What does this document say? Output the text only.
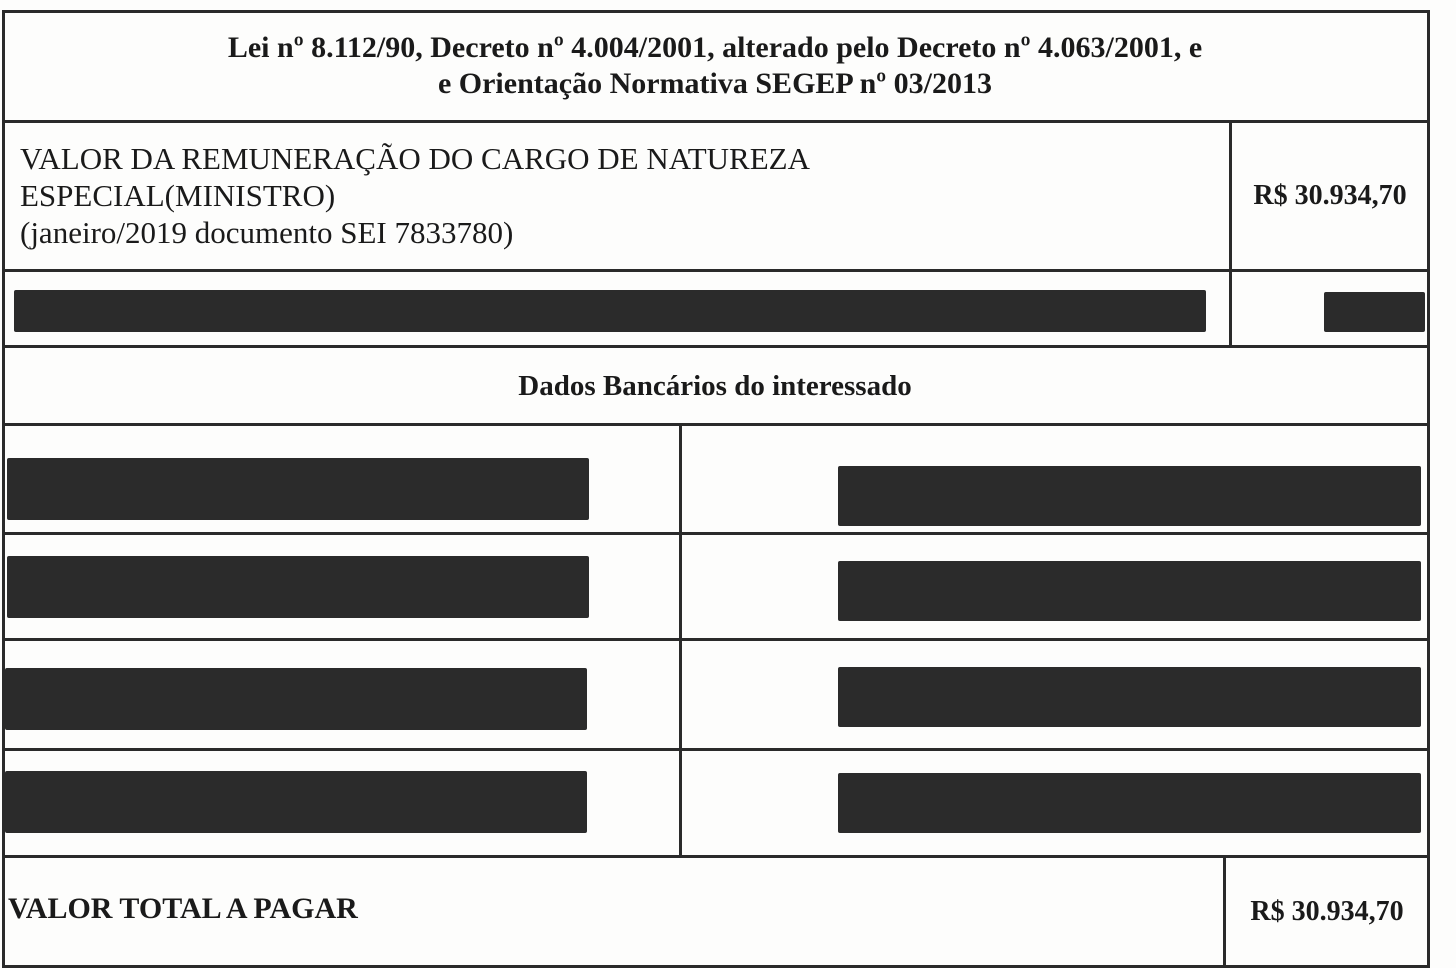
Lei nº 8.112/90, Decreto nº 4.004/2001, alterado pelo Decreto nº 4.063/2001, e
e Orientação Normativa SEGEP nº 03/2013
VALOR DA REMUNERAÇÃO DO CARGO DE NATUREZA
ESPECIAL(MINISTRO)
(janeiro/2019 documento SEI 7833780)
R$ 30.934,70
Dados Bancários do interessado
VALOR TOTAL A PAGAR	R$ 30.934,70
